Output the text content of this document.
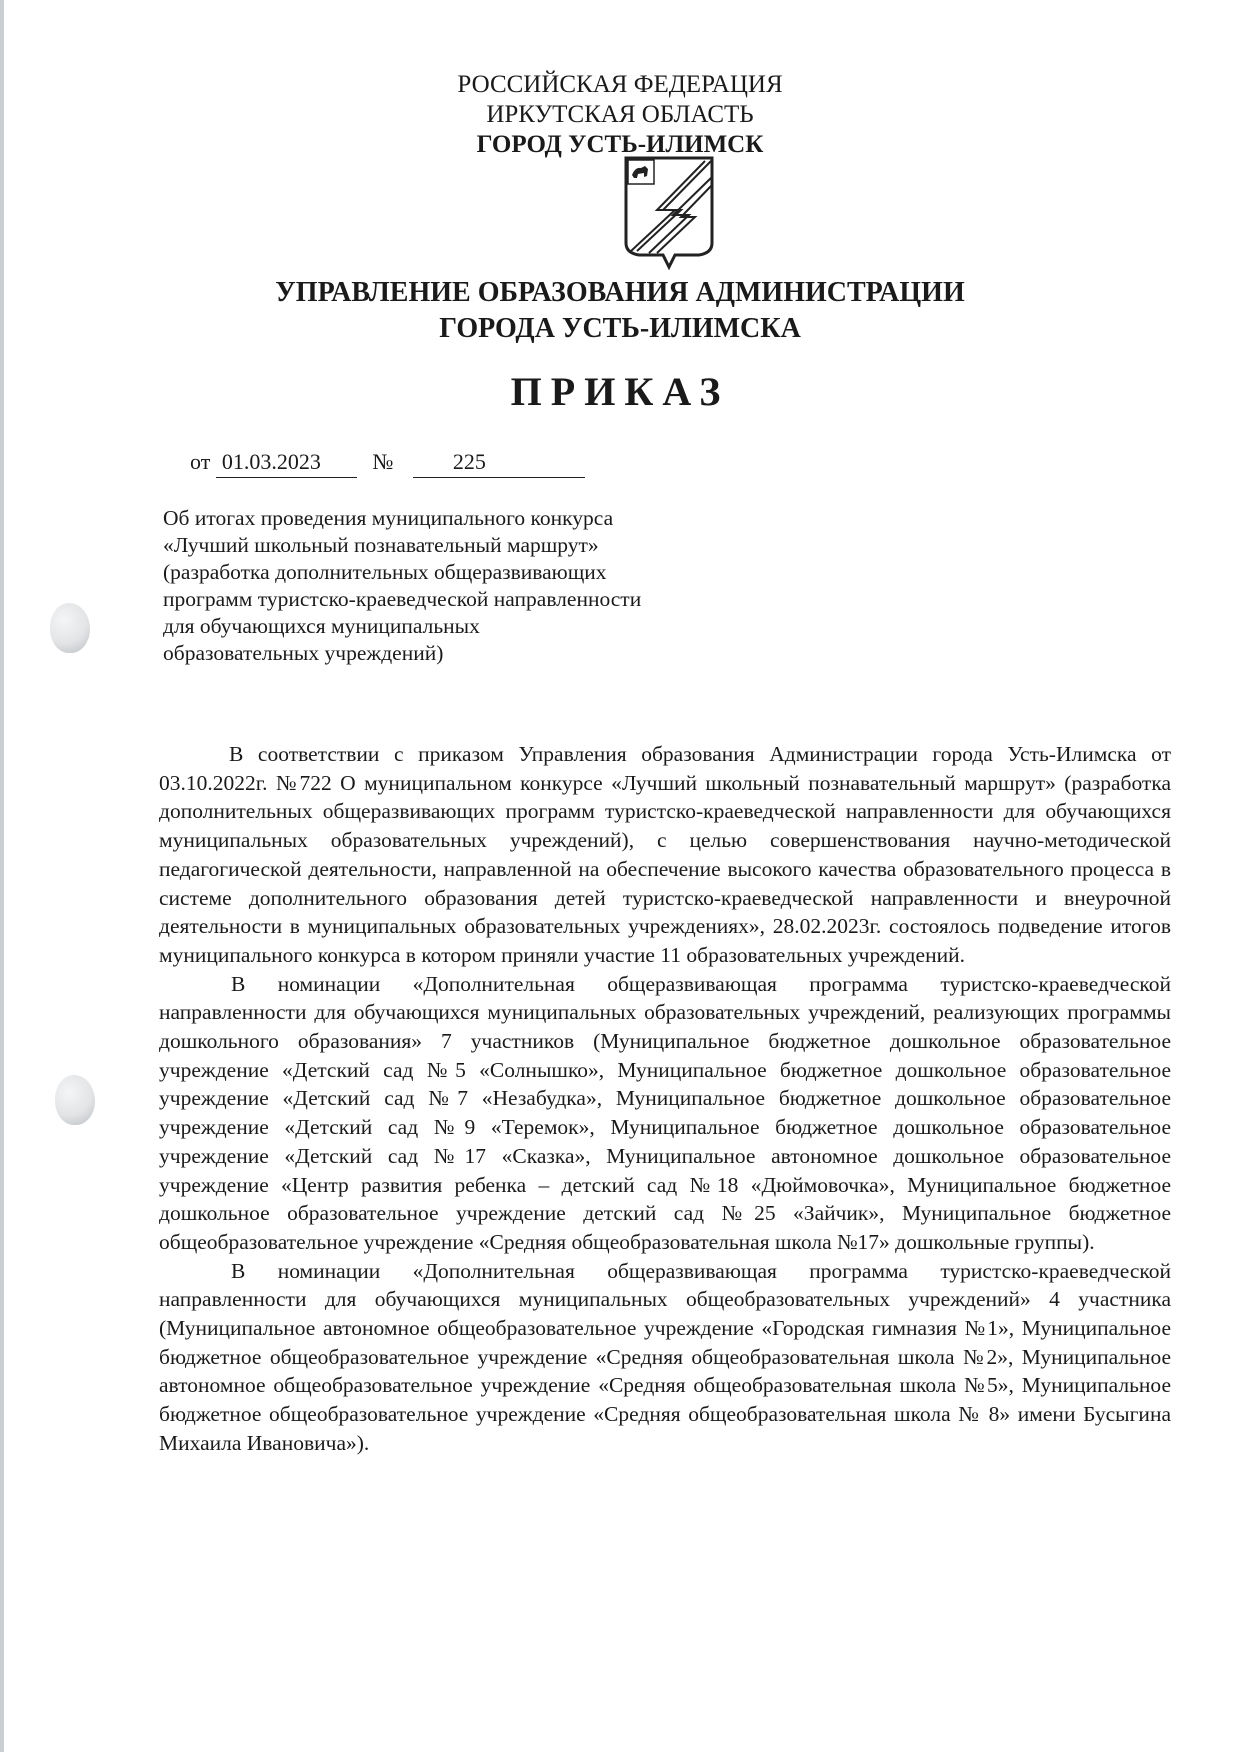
РОССИЙСКАЯ ФЕДЕРАЦИЯ
ИРКУТСКАЯ ОБЛАСТЬ
ГОРОД УСТЬ-ИЛИМСК
УПРАВЛЕНИЕ ОБРАЗОВАНИЯ АДМИНИСТРАЦИИ
ГОРОДА УСТЬ-ИЛИМСКА
ПРИКАЗ
от 01.03.2023 №	225
Об итогах проведения муниципального конкурса
«Лучший школьный познавательный маршрут»
(разработка дополнительных общеразвивающих
программ туристско-краеведческой направленности
для обучающихся муниципальных
образовательных учреждений)

В соответствии с приказом Управления образования Администрации города Усть-Илимска от 03.10.2022г. №722 О муниципальном конкурсе «Лучший школьный познавательный маршрут» (разработка дополнительных общеразвивающих программ туристско-краеведческой направленности для обучающихся муниципальных образовательных учреждений), с целью совершенствования научно-методической педагогической деятельности, направленной на обеспечение высокого качества образовательного процесса в системе дополнительного образования детей туристско-краеведческой направленности и внеурочной деятельности в муниципальных образовательных учреждениях», 28.02.2023г. состоялось подведение итогов муниципального конкурса в котором приняли участие 11 образовательных учреждений.

В номинации «Дополнительная общеразвивающая программа туристско-краеведческой направленности для обучающихся муниципальных образовательных учреждений, реализующих программы дошкольного образования» 7 участников (Муниципальное бюджетное дошкольное образовательное учреждение «Детский сад №5 «Солнышко», Муниципальное бюджетное дошкольное образовательное учреждение «Детский сад №7 «Незабудка», Муниципальное бюджетное дошкольное образовательное учреждение «Детский сад №9 «Теремок», Муниципальное бюджетное дошкольное образовательное учреждение «Детский сад №17 «Сказка», Муниципальное автономное дошкольное образовательное учреждение «Центр развития ребенка – детский сад №18 «Дюймовочка», Муниципальное бюджетное дошкольное образовательное учреждение детский сад №25 «Зайчик», Муниципальное бюджетное общеобразовательное учреждение «Средняя общеобразовательная школа №17» дошкольные группы).

В номинации «Дополнительная общеразвивающая программа туристско-краеведческой направленности для обучающихся муниципальных общеобразовательных учреждений» 4 участника (Муниципальное автономное общеобразовательное учреждение «Городская гимназия №1», Муниципальное бюджетное общеобразовательное учреждение «Средняя общеобразовательная школа №2», Муниципальное автономное общеобразовательное учреждение «Средняя общеобразовательная школа №5», Муниципальное бюджетное общеобразовательное учреждение «Средняя общеобразовательная школа № 8» имени Бусыгина Михаила Ивановича»).
